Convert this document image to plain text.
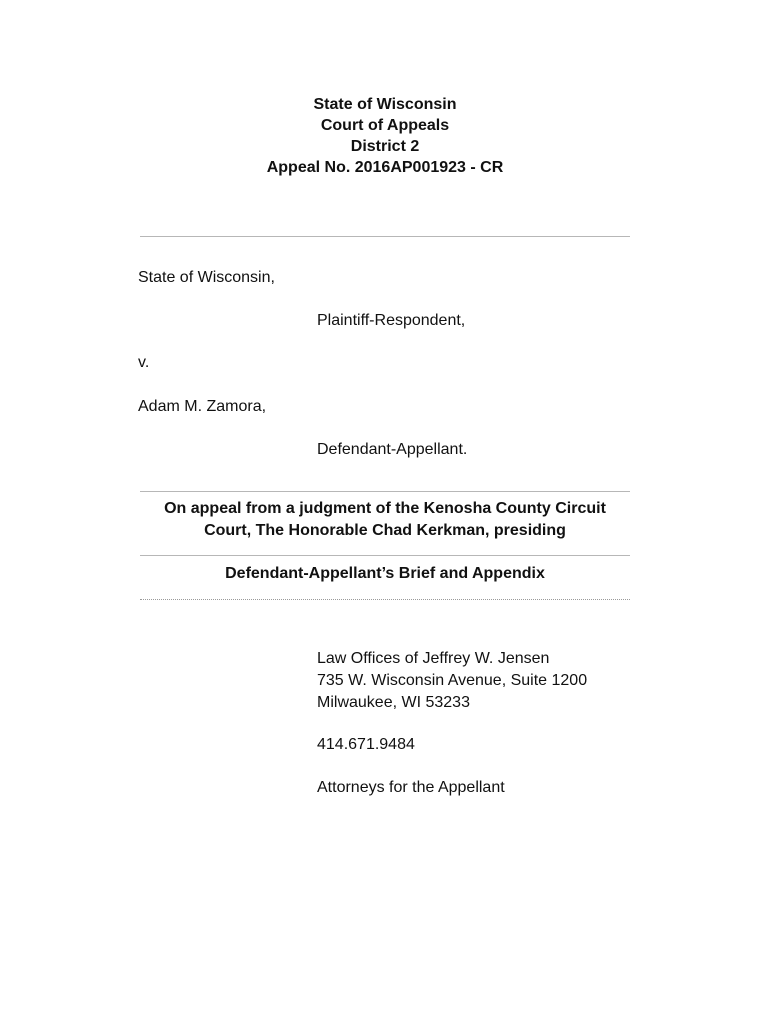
State of Wisconsin
Court of Appeals
District 2
Appeal No. 2016AP001923 - CR
State of Wisconsin,
Plaintiff-Respondent,
v.
Adam M. Zamora,
Defendant-Appellant.
On appeal from a judgment of the Kenosha County Circuit
Court, The Honorable Chad Kerkman, presiding
Defendant-Appellant’s Brief and Appendix
Law Offices of Jeffrey W. Jensen
735 W. Wisconsin Avenue, Suite 1200
Milwaukee, WI 53233
414.671.9484
Attorneys for the Appellant
